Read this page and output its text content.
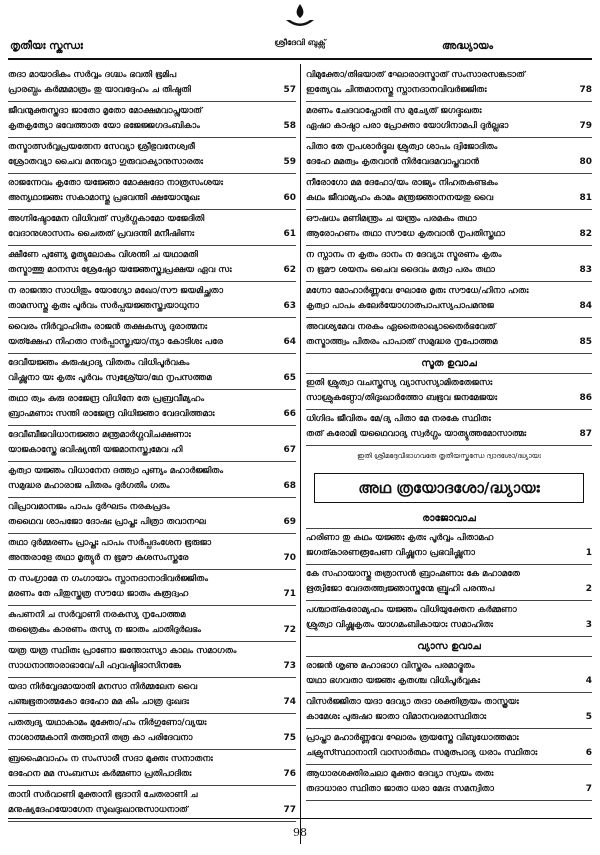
തൃതീയഃ സ്കന്ധഃ	ശ്രീദേവി ബുക്സ്	അദ്ധ്യായം
തദാ മായാദികം സർവ്വം ദഗ്ദ്ധം ഭവതി ഭൂമിപ
പ്രാരബ്ധം കർമ്മമാത്രം തു യാവദ്ദേഹം ച തിഷ്ഠതി	57
ജീവന്മുക്തസ്തദാ ജാതോ മൃതോ മോക്ഷമവാപ്നുയാത്
കൃതകൃത്യോ ഭവേത്താത യോ ഭജേജ്ജഗദംബികാം	58
തസ്മാത്സർവ്വപ്രയത്നേന സേവ്യാ ശ്രീഭുവനേശ്വരീ
ശ്രോതവ്യാ ചൈവ മന്തവ്യാ ഗുരുവാക്യാനുസാരതഃ	59
രാജന്നേവം കൃതോ യജ്ഞോ മോക്ഷദോ നാത്രസംശയഃ
അന്യഥാജ്ഞഃ സകാമാസ്തു പ്രഭവന്തി ക്ഷയോന്മുഖഃ	60
അഗ്നിഷ്ടോമേന വിധിവത് സ്വർഗ്ഗകാമോ യജേദിതി
വേദാനുശാസനം ചൈതത് പ്രവദന്തി മനീഷിണഃ	61
ക്ഷീണേ പുണ്യേ മൃത്യുലോകം വിശന്തി ച യഥാമതി
തസ്മാത്തു മാനസഃ ശ്രേഷ്ഠോ യജ്ഞേസ്ത്വപ്രക്ഷയ ഏവ സഃ	62
ന രാജന്താ സാധിതും യോഗ്യോ മഖോ/സൗ ജയമിച്ഛതാ
താമസസ്തു കൃതഃ പൂർവം സർപ്പയജ്ഞസ്ത്വയാധുനാ	63
വൈരം നിർവ്വാഹിതം രാജൻ തക്ഷകസ്യ ദുരാത്മനഃ
യത്ക്ഷേഹ നിഹതാ സർപ്പാസ്ത്വയാ/ന്യാ കോടിശഃ പരേ	64
ദേവീയജ്ഞം കുരുഷ്വാദ്യ വിതതം വിധിപൂർവകം
വിഷ്ണുനാ യഃ കൃതഃ പൂർവം സ്വശ്രേ്യാ/ഥേ നൃപസത്തമ	65
തഥാ ത്വം കുരു രാജേന്ദ്ര വിധിനേ തേ പ്രബ്രവീമ്യഹം
ബ്രാഹ്മണാഃ സന്തി രാജേന്ദ്ര വിധിജ്ഞാ വേദവിത്തമാഃ	66
ദേവീബീജവിധാനജ്ഞാ മന്ത്രമാർഗ്ഗവിചക്ഷണാഃ
യാജകാസ്തേ ഭവിഷ്യന്തി യജമാനസ്ത്വമേവ ഹി	67
കൃത്വാ യജ്ഞം വിധാനേന ദത്ത്വാ പുണ്യം മഹാർജ്ജിതം
സമുദ്ധര മഹാരാജ പിതരം ദുർഗതിം ഗതം	68
വിപ്രാവമാനജം പാപം ദുർഘടം നരകപ്രദം
തഥൈവ ശാപജോ ദോഷഃ പ്രാപ്തഃ പിത്രാ തവാനഘ	69
തഥാ ദുർമ്മരണം പ്രാപ്തഃ പാപം സർപ്പദംശേന ഭൂരുജാ
അന്തരാളേ തഥാ മൃത്യുർ ന ഭൂമൗ കുശസംസ്തരേ	70
ന സംഗ്രാമേ ന ഗംഗായാം സ്നാനദാനാദിവർജ്ജിതം
മരണം തേ പിതുസ്തത്ര സൗധേ ജാതം കുരൂദ്വഹ	71
കുപണനി ച സർവ്വാണി നരകസ്യ നൃപോത്തമ
തത്രൈകം കാരണം തസ്യ ന ജാതം ചാതിദുർലഭം	72
യത്ര യത്ര സ്ഥിതഃ പ്രാണോ ജന്തോഃസ്യാ കാലം സമാഗതം
സാധനാന്താരാഭാവേ/പി ഹ്വവഷ്ടിഭാസിനങ്കേ	73
യദാ നിർവ്വേദമായാതി മനസാ നിർമ്മലേന വൈ
പഞ്ചഭൂതാത്മകോ ദേഹോ മമ കിം ചാത്ര ദുഃഖദഃ	74
പതത്വദ്യ യഥാകാമം മുക്തോ/ഹം നിർഗുണോ/വ്യയഃ
നാശാത്മകാനി തത്ത്വാനി തത്ര കാ പരിദേവനാ	75
ബ്രഹ്മൈവാഹം ന സംസാരീ സദാ മുക്തഃ സനാതനഃ
ദേഹേന മമ സംബന്ധഃ കർമ്മണാ പ്രതിപാദിതഃ	76
താനി സർവാണി മുക്താനി ഭൂദാനി ചേതരാണി ച
മനുഷ്യദേഹയോഗേന സുഖദുഃഖാനുസാധനാത്	77
വിമുക്തോ/തിഭയാത് ഘോരാദസ്മാത് സംസാരസങ്കടാത്
ഇത്യേവം ചിന്തമാനസ്തു സ്നാനദാനവിവർജ്ജിതഃ	78
മരണം ചേദവാപ്നോതി സ മുച്യേത് ജഗദ്ദുഃഖതഃ
ഏഷാ കാഷ്ഠാ പരാ പ്രോക്താ യോഗിനാമപി ദുർല്ലഭാ	79
പിതാ തേ നൃപശാർദ്ദൂല ശ്രുത്വാ ശാപം ദ്വിജോദിതം
ദേഹേ മമത്വം കൃതവാൻ നിർവേദമവാപ്തവാൻ	80
നീരോഗോ മമ ദേഹോ/യം രാജ്യം നിഹതകണ്ടകം
കഥം ജീവാമ്യഹം കാമം മന്ത്രജ്ഞാനനയതു വൈ	81
ഔഷധം മണിമന്ത്രം ച യന്ത്രം പരമകം തഥാ
ആരോഹണം തഥാ സൗധേ കൃതവാൻ നൃപതിസ്തഥാ	82
ന സ്നാനം ന കൃതം ദാനം ന ദേവ്യാഃ സ്മരണം കൃതം
ന ഭൂമൗ ശയനം ചൈവ ദൈവം മത്വാ പരം തഥാ	83
മഗ്നോ മോഹാർണ്ണവേ ഘോരേ മൃതഃ സൗധേ/ഹിനാ ഹതഃ
കൃത്വാ പാപം കലേർയോഗാത്പാപസ്യപാപമനുജ	84
അവശ്യമേവ നരകം ഏതൈരാഖ്യാതൈർഭവേത്
തസ്മാത്ത്വം പിതരം പാപാത് സമുദ്ധര നൃപോത്തമ	85
സൂത ഉവാച
ഇതി ശ്രുത്വാ വചസ്തസ്യ വ്യാസസ്യാമിതതേജസഃ
സാശ്രുകണ്ഠോ/തിദുഃഖാർത്തോ ബഭൂവ ജനമേജയഃ	86
ധിഗിദം ജീവിതം മേ/ദ്യ പിതാ മേ നരകേ സ്ഥിതഃ
തത് കരോമി യഥൈവാദ്യ സ്വർഗ്ഗം യാത്യുത്തമോസാത്മഃ	87
ഇതി ശ്രീമദ്ദേവീഭാഗവതേ തൃതീയസ്കന്ധേ ദ്വാദശോ/ദ്ധ്യായഃ
അഥ ത്രയോദശോ/ദ്ധ്യായഃ
രാജോവാച
ഹരിണാ തു കഥം യജ്ഞഃ കൃതഃ പൂർവ്വം പിതാമഹ
ജഗത്കാരണരൂപേണ വിഷ്ണുനാ പ്രഭവിഷ്ണുനാ	1
കേ സഹായാസ്തു തത്രാസൻ ബ്രാഹ്മണാഃ കേ മഹാമതേ
ഋത്വിജോ വേദതത്ത്വജ്ഞാസ്തന്മേ ബ്രൂഹി പരന്തപ	2
പശ്ചാത്കരോമ്യഹം യജ്ഞം വിധിയുക്തേന കർമ്മണാ
ശ്രുത്വാ വിഷ്ണുകൃതം യാഗമംബികായാഃ സമാഹിതഃ	3
വ്യാസ ഉവാച
രാജൻ ശൃണു മഹാഭാഗ വിസ്തരം പരമാദ്ഭുതം
യഥാ ഭഗവതാ യജ്ഞഃ കൃതശ്ച വിധിപൂർവ്വകഃ	4
വിസർജ്ജിതാ യദാ ദേവ്യാ തദാ ശക്തിത്രയം താസ്ത്രയഃ
കാമേശഃ പുരുഷാ ജാതാ വിമാനവരമാസ്ഥിതാഃ	5
പ്രാപ്താ മഹാർണ്ണവേ ഘോരം ത്രയസ്തേ വിബുധോത്തമാഃ
ചക്രുസ്സ്ഥാനാനി വാസാർത്ഥം സമുത്പാദ്യ ധരാം സ്ഥിതാഃ	6
ആധാരശക്തിരചലാ മുക്താ ദേവ്യാ സ്വയം തതഃ
തദാധാരാ സ്ഥിതാ ജാതാ ധരാ മേദഃ സമന്വിതാ	7
98
